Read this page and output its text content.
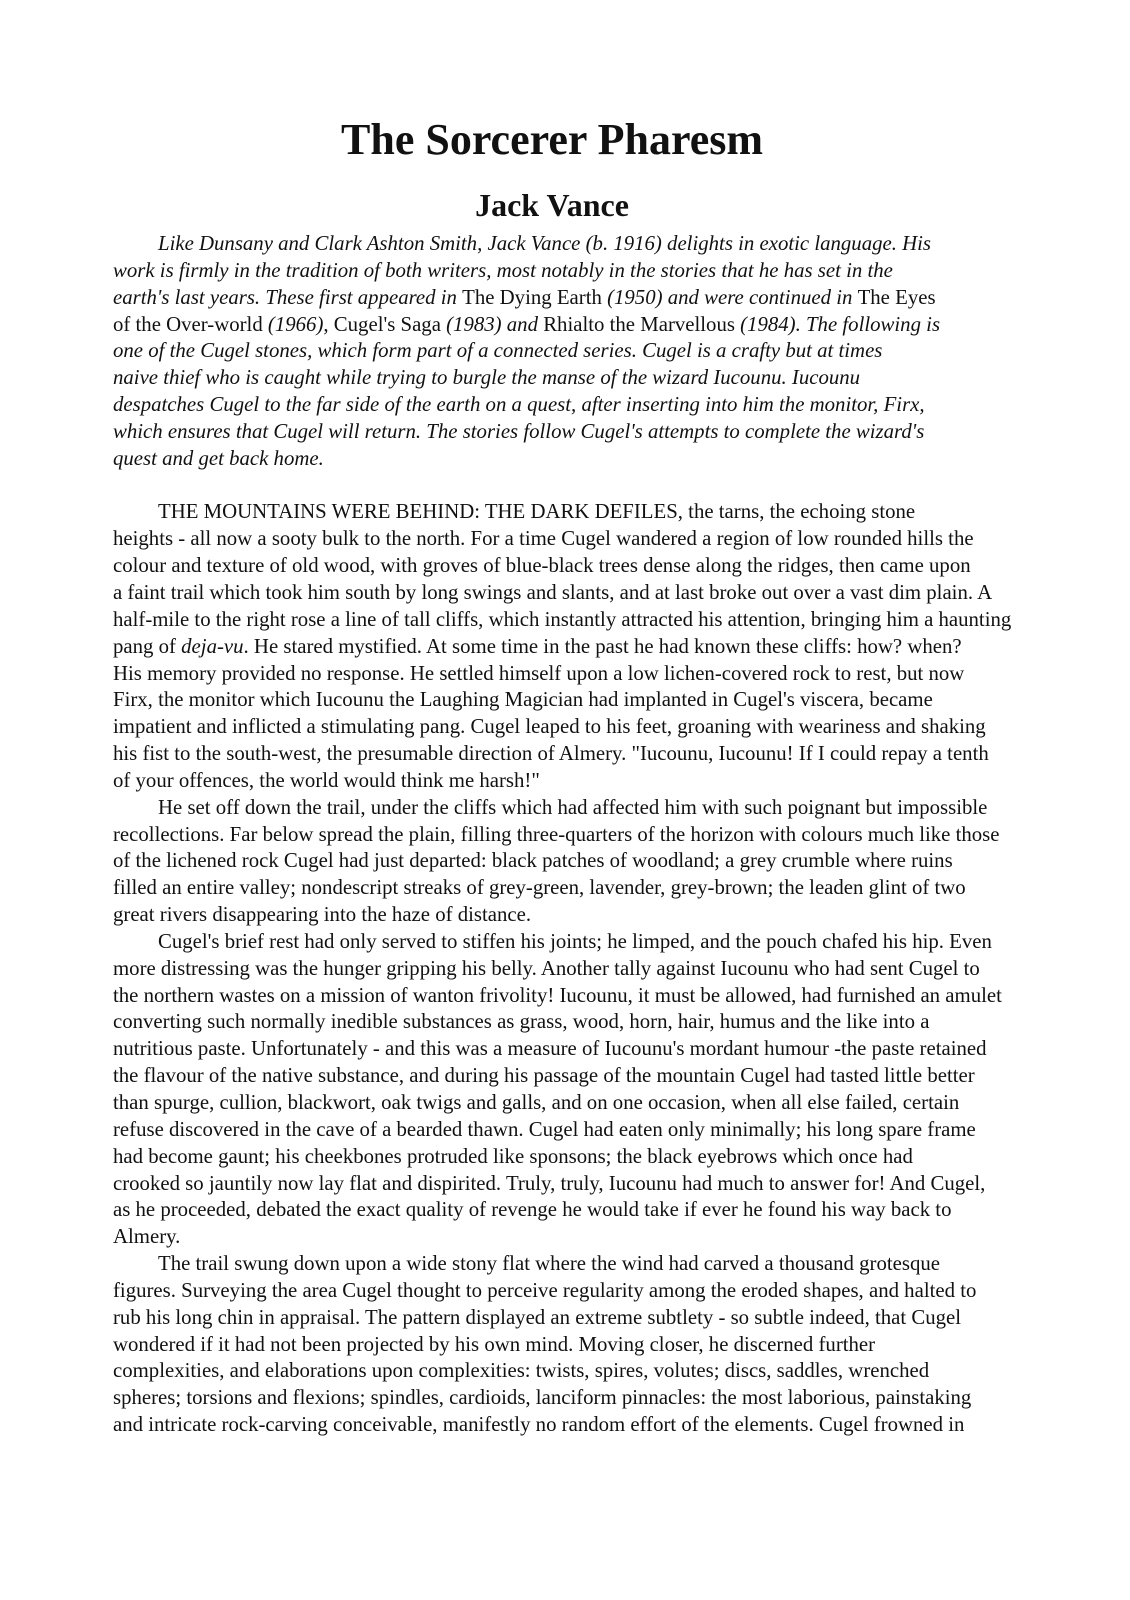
The Sorcerer Pharesm
Jack Vance
Like Dunsany and Clark Ashton Smith, Jack Vance (b. 1916) delights in exotic language. His
work is firmly in the tradition of both writers, most notably in the stories that he has set in the
earth's last years. These first appeared in The Dying Earth (1950) and were continued in The Eyes
of the Over-world (1966), Cugel's Saga (1983) and Rhialto the Marvellous (1984). The following is
one of the Cugel stones, which form part of a connected series. Cugel is a crafty but at times
naive thief who is caught while trying to burgle the manse of the wizard Iucounu. Iucounu
despatches Cugel to the far side of the earth on a quest, after inserting into him the monitor, Firx,
which ensures that Cugel will return. The stories follow Cugel's attempts to complete the wizard's
quest and get back home.
THE MOUNTAINS WERE BEHIND: THE DARK DEFILES, the tarns, the echoing stone
heights - all now a sooty bulk to the north. For a time Cugel wandered a region of low rounded hills the
colour and texture of old wood, with groves of blue-black trees dense along the ridges, then came upon
a faint trail which took him south by long swings and slants, and at last broke out over a vast dim plain. A
half-mile to the right rose a line of tall cliffs, which instantly attracted his attention, bringing him a haunting
pang of deja-vu. He stared mystified. At some time in the past he had known these cliffs: how? when?
His memory provided no response. He settled himself upon a low lichen-covered rock to rest, but now
Firx, the monitor which Iucounu the Laughing Magician had implanted in Cugel's viscera, became
impatient and inflicted a stimulating pang. Cugel leaped to his feet, groaning with weariness and shaking
his fist to the south-west, the presumable direction of Almery. "Iucounu, Iucounu! If I could repay a tenth
of your offences, the world would think me harsh!"
He set off down the trail, under the cliffs which had affected him with such poignant but impossible
recollections. Far below spread the plain, filling three-quarters of the horizon with colours much like those
of the lichened rock Cugel had just departed: black patches of woodland; a grey crumble where ruins
filled an entire valley; nondescript streaks of grey-green, lavender, grey-brown; the leaden glint of two
great rivers disappearing into the haze of distance.
Cugel's brief rest had only served to stiffen his joints; he limped, and the pouch chafed his hip. Even
more distressing was the hunger gripping his belly. Another tally against Iucounu who had sent Cugel to
the northern wastes on a mission of wanton frivolity! Iucounu, it must be allowed, had furnished an amulet
converting such normally inedible substances as grass, wood, horn, hair, humus and the like into a
nutritious paste. Unfortunately - and this was a measure of Iucounu's mordant humour -the paste retained
the flavour of the native substance, and during his passage of the mountain Cugel had tasted little better
than spurge, cullion, blackwort, oak twigs and galls, and on one occasion, when all else failed, certain
refuse discovered in the cave of a bearded thawn. Cugel had eaten only minimally; his long spare frame
had become gaunt; his cheekbones protruded like sponsons; the black eyebrows which once had
crooked so jauntily now lay flat and dispirited. Truly, truly, Iucounu had much to answer for! And Cugel,
as he proceeded, debated the exact quality of revenge he would take if ever he found his way back to
Almery.
The trail swung down upon a wide stony flat where the wind had carved a thousand grotesque
figures. Surveying the area Cugel thought to perceive regularity among the eroded shapes, and halted to
rub his long chin in appraisal. The pattern displayed an extreme subtlety - so subtle indeed, that Cugel
wondered if it had not been projected by his own mind. Moving closer, he discerned further
complexities, and elaborations upon complexities: twists, spires, volutes; discs, saddles, wrenched
spheres; torsions and flexions; spindles, cardioids, lanciform pinnacles: the most laborious, painstaking
and intricate rock-carving conceivable, manifestly no random effort of the elements. Cugel frowned in
